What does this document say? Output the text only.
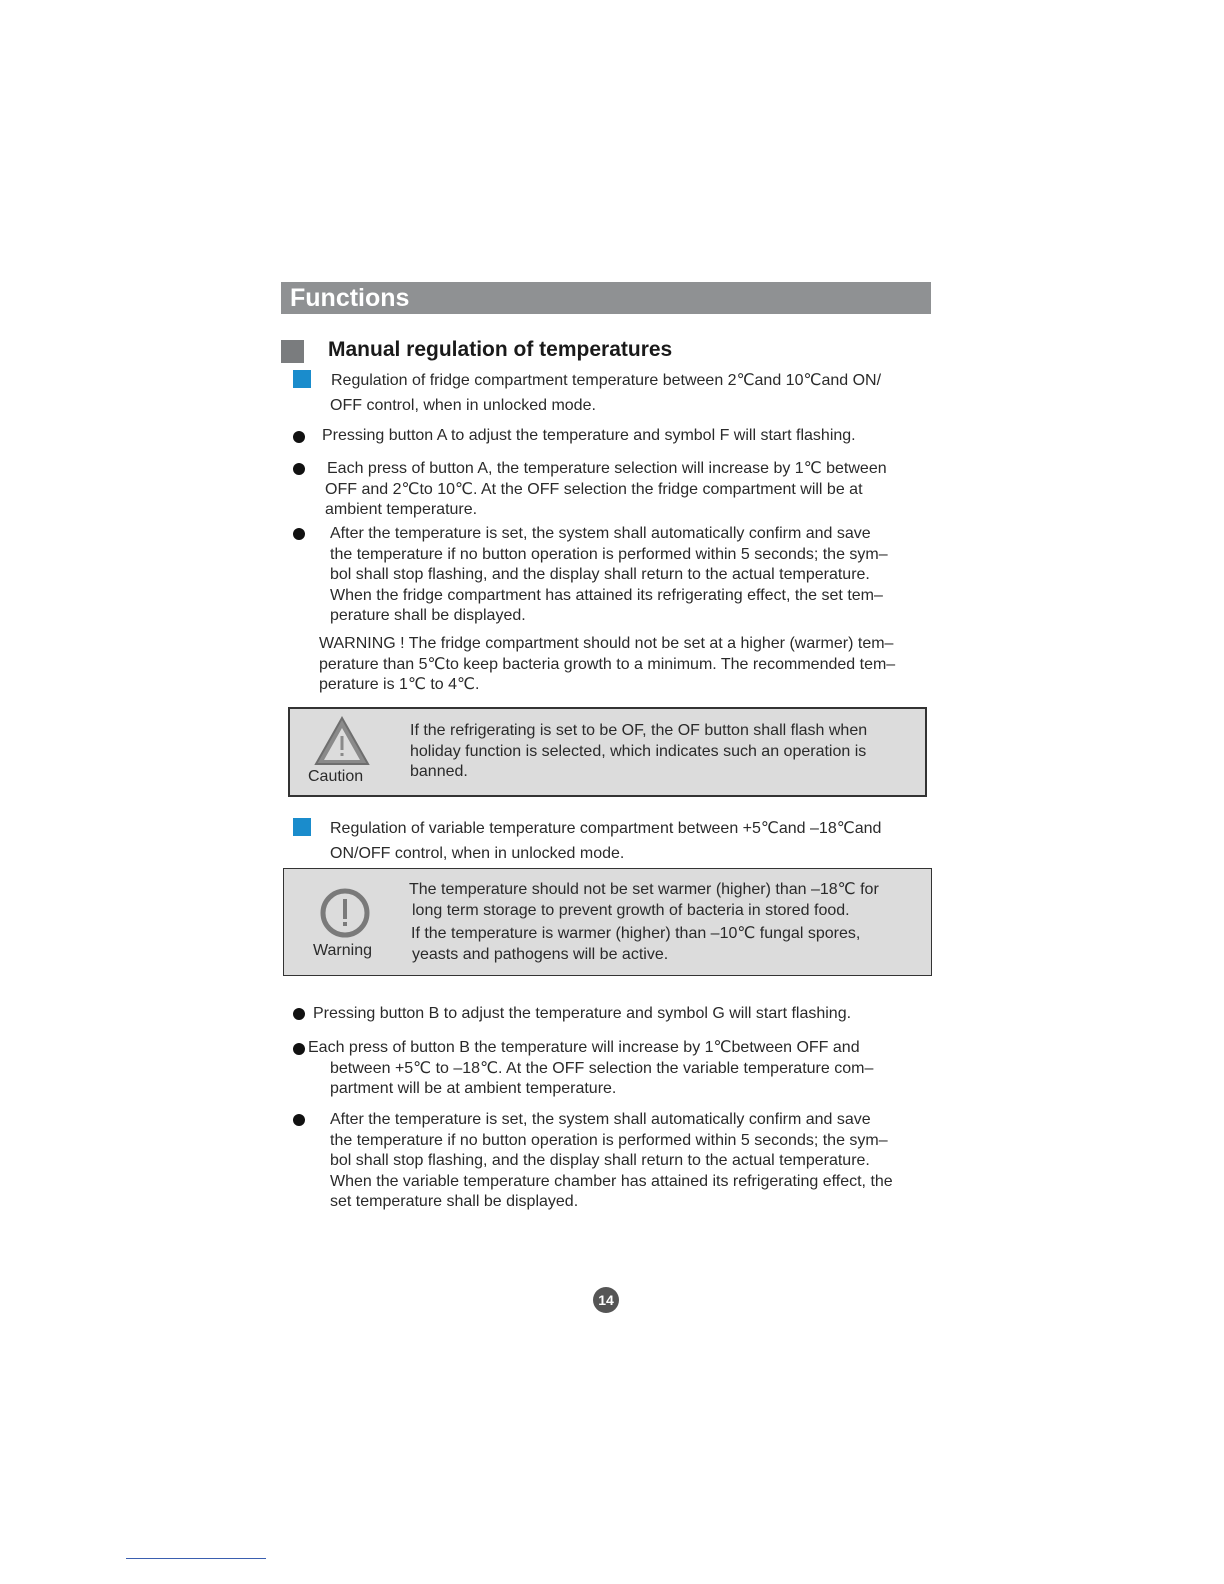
Functions
Manual regulation of temperatures

Regulation of fridge compartment temperature between 2℃and 10℃and ON/

OFF control, when in unlocked mode.

Pressing button A to adjust the temperature and symbol F will start flashing.

Each press of button A, the temperature selection will increase by 1℃ between

OFF and 2℃to 10℃. At the OFF selection the fridge compartment will be at

ambient temperature.

After the temperature is set, the system shall automatically confirm and save

the temperature if no button operation is performed within 5 seconds; the sym–

bol shall stop flashing, and the display shall return to the actual temperature.

When the fridge compartment has attained its refrigerating effect, the set tem–

perature shall be displayed.

WARNING ! The fridge compartment should not be set at a higher (warmer) tem–

perature than 5℃to keep bacteria growth to a minimum. The recommended tem–

perature is 1℃ to 4℃.

Caution

If the refrigerating is set to be OF, the OF button shall flash when

holiday function is selected, which indicates such an operation is

banned.

Regulation of variable temperature compartment between +5℃and –18℃and

ON/OFF control, when in unlocked mode.

Warning

The temperature should not be set warmer (higher) than –18℃ for

long term storage to prevent growth of bacteria in stored food.

If the temperature is warmer (higher) than –10℃ fungal spores,

yeasts and pathogens will be active.

Pressing button B to adjust the temperature and symbol G will start flashing.

Each press of button B the temperature will increase by 1℃between OFF and

between +5℃ to –18℃. At the OFF selection the variable temperature com–

partment will be at ambient temperature.

After the temperature is set, the system shall automatically confirm and save

the temperature if no button operation is performed within 5 seconds; the sym–

bol shall stop flashing, and the display shall return to the actual temperature.

When the variable temperature chamber has attained its refrigerating effect, the

set temperature shall be displayed.

14
